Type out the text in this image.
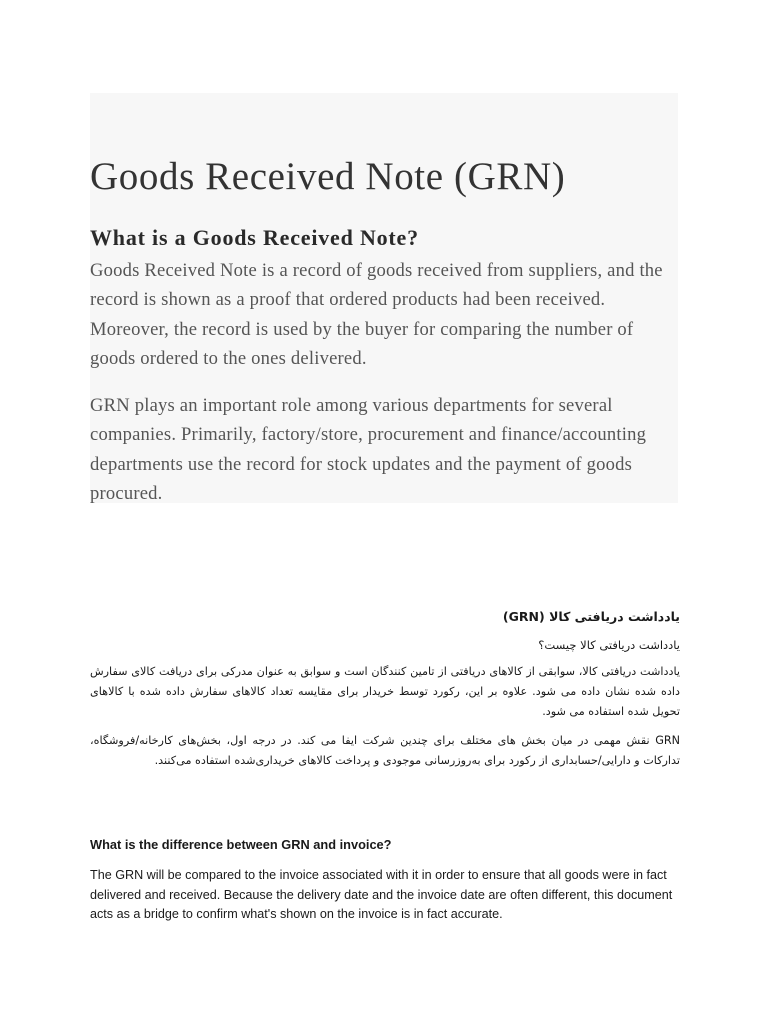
Goods Received Note (GRN)
What is a Goods Received Note?

Goods Received Note is a record of goods received from suppliers, and the record is shown as a proof that ordered products had been received. Moreover, the record is used by the buyer for comparing the number of goods ordered to the ones delivered.

GRN plays an important role among various departments for several companies. Primarily, factory/store, procurement and finance/accounting departments use the record for stock updates and the payment of goods procured.

یادداشت دریافتی کالا (GRN)

یادداشت دریافتی کالا چیست؟

یادداشت دریافتی کالا، سوابقی از کالاهای دریافتی از تامین کنندگان است و سوابق به عنوان مدرکی برای دریافت کالای سفارش داده شده نشان داده می شود. علاوه بر این، رکورد توسط خریدار برای مقایسه تعداد کالاهای سفارش داده شده با کالاهای تحویل شده استفاده می شود.

GRN نقش مهمی در میان بخش های مختلف برای چندین شرکت ایفا می کند. در درجه اول، بخش‌های کارخانه/فروشگاه، تدارکات و دارایی/حسابداری از رکورد برای به‌روزرسانی موجودی و پرداخت کالاهای خریداری‌شده استفاده می‌کنند.

What is the difference between GRN and invoice?

The GRN will be compared to the invoice associated with it in order to ensure that all goods were in fact delivered and received. Because the delivery date and the invoice date are often different, this document acts as a bridge to confirm what's shown on the invoice is in fact accurate.
